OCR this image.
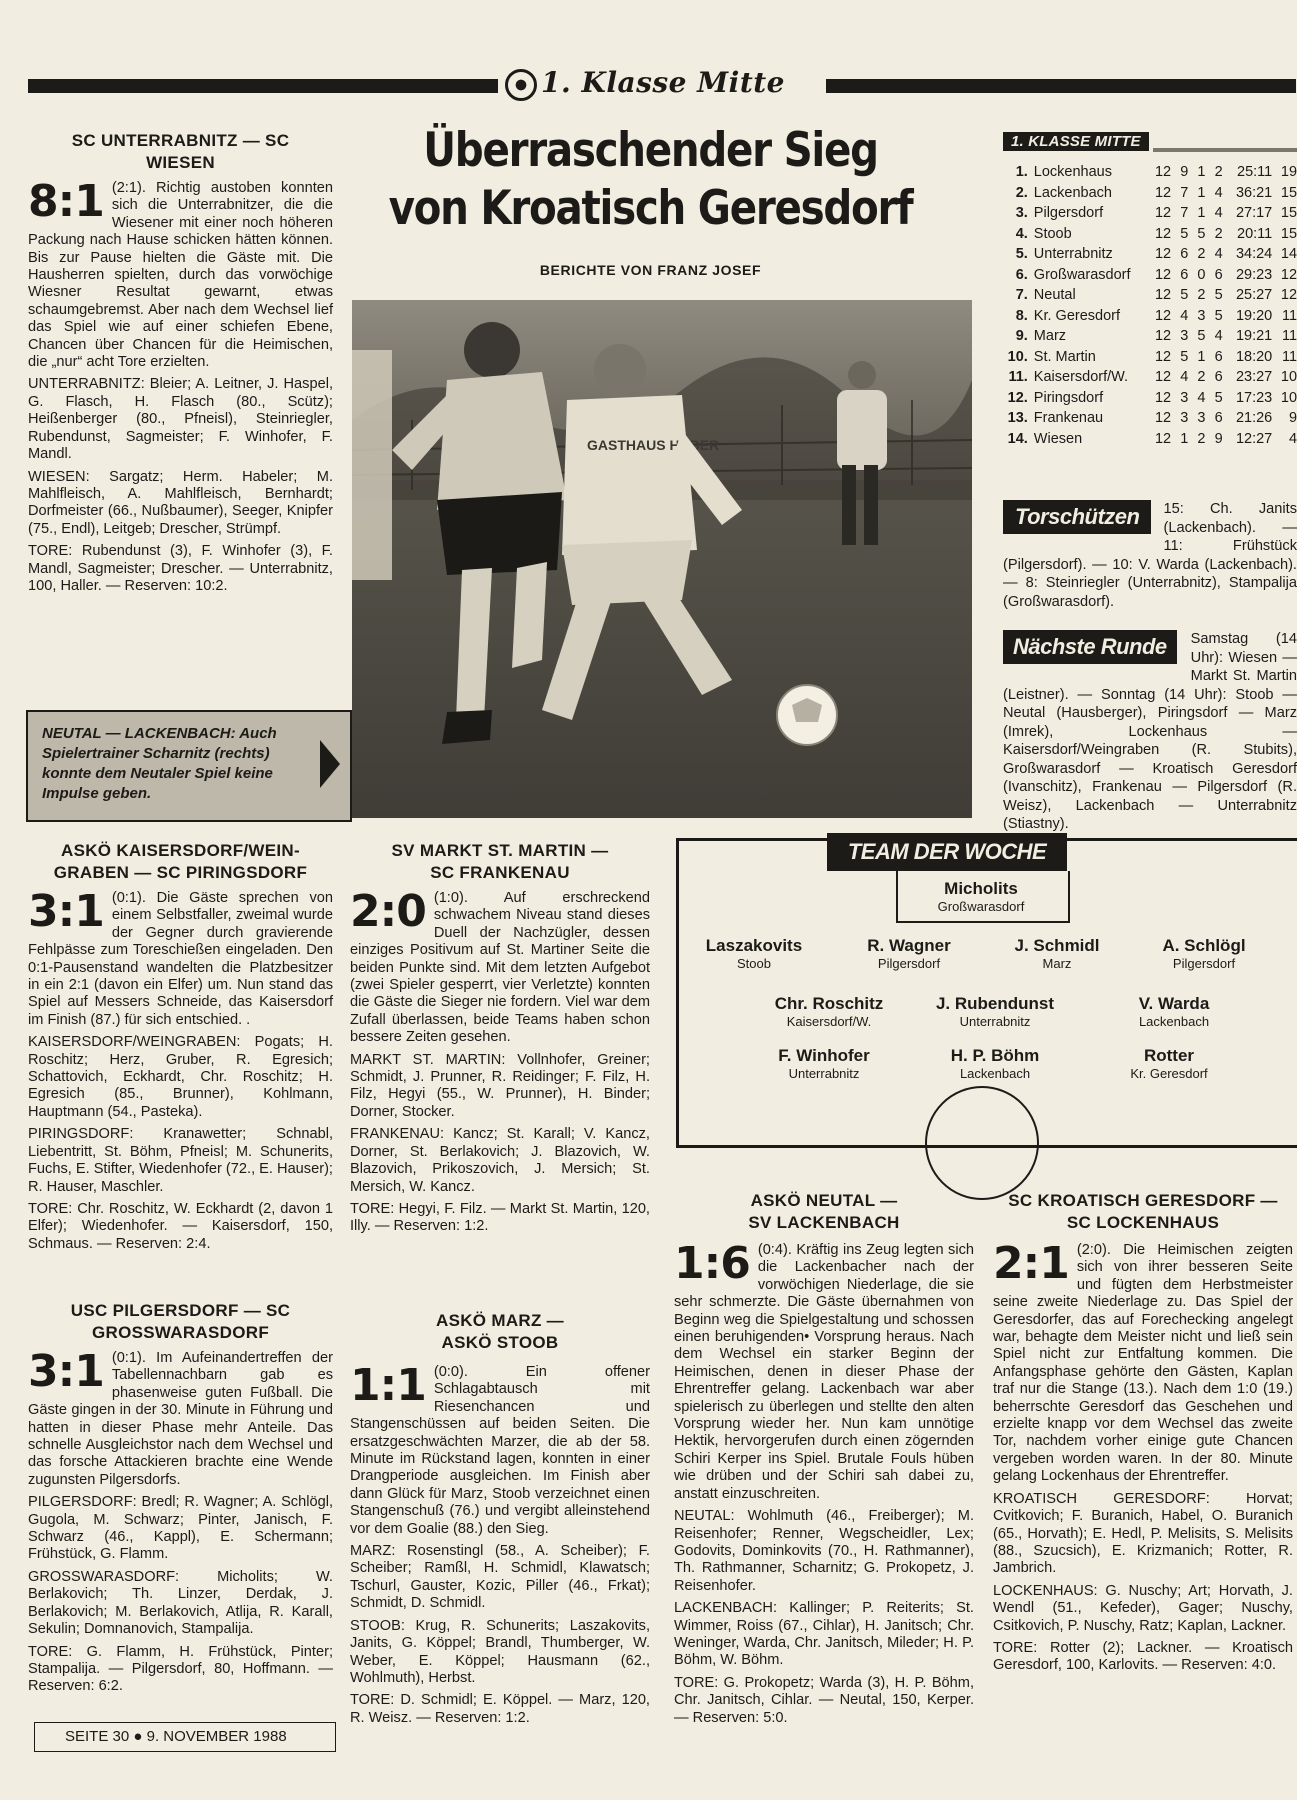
1. Klasse Mitte
SC UNTERRABNITZ — SC WIESEN

8:1 (2:1). Richtig austoben konnten sich die Unterrabnitzer, die die Wiesener mit einer noch höheren Packung nach Hause schicken hätten können. Bis zur Pause hielten die Gäste mit. Die Hausherren spielten, durch das vorwöchige Wiesner Resultat gewarnt, etwas schaumgebremst. Aber nach dem Wechsel lief das Spiel wie auf einer schiefen Ebene, Chancen über Chancen für die Heimischen, die „nur“ acht Tore erzielten.

UNTERRABNITZ: Bleier; A. Leitner, J. Haspel, G. Flasch, H. Flasch (80., Scütz); Heißenberger (80., Pfneisl), Steinriegler, Rubendunst, Sagmeister; F. Winhofer, F. Mandl.

WIESEN: Sargatz; Herm. Habeler; M. Mahlfleisch, A. Mahlfleisch, Bernhardt; Dorfmeister (66., Nußbaumer), Seeger, Knipfer (75., Endl), Leitgeb; Drescher, Strümpf.

TORE: Rubendunst (3), F. Winhofer (3), F. Mandl, Sagmeister; Drescher. — Unterrabnitz, 100, Haller. — Reserven: 10:2.

NEUTAL — LACKENBACH: Auch Spielertrainer Scharnitz (rechts) konnte dem Neutaler Spiel keine Impulse geben.
Überraschender Sieg
von Kroatisch Geresdorf
BERICHTE VON FRANZ JOSEF
GASTHAUS HUBER
1. KLASSE MITTE
1. Lockenhaus	12 9 1 2 25:11 19
2. Lackenbach	12 7 1 4 36:21 15
3. Pilgersdorf	12 7 1 4 27:17 15
4. Stoob	12 5 5 2 20:11 15
5. Unterrabnitz	12 6 2 4 34:24 14
6. Großwarasdorf	12 6 0 6 29:23 12
7. Neutal	12 5 2 5 25:27 12
8. Kr. Geresdorf	12 4 3 5 19:20 11
9. Marz	12 3 5 4 19:21 11
10. St. Martin	12 5 1 6 18:20 11
11. Kaisersdorf/W.	12 4 2 6 23:27 10
12. Piringsdorf	12 3 4 5 17:23 10
13. Frankenau	12 3 3 6 21:26	9
14. Wiesen	12 1 2 9 12:27	4
Torschützen	15: Ch. Janits (Lackenbach). — 11: Frühstück (Pilgersdorf). — 10: V. Warda (Lackenbach). — 8: Steinriegler (Unterrabnitz), Stampalija (Großwarasdorf).
Nächste Runde	Samstag (14 Uhr): Wiesen — Markt St. Martin (Leistner). — Sonntag (14 Uhr): Stoob — Neutal (Hausberger), Piringsdorf — Marz (Imrek), Lockenhaus — Kaisersdorf/Weingraben (R. Stubits), Großwarasdorf — Kroatisch Geresdorf (Ivanschitz), Frankenau — Pilgersdorf (R. Weisz), Lackenbach — Unterrabnitz (Stiastny).
ASKÖ KAISERSDORF/WEIN-GRABEN — SC PIRINGSDORF

3:1 (0:1). Die Gäste sprechen von einem Selbstfaller, zweimal wurde der Gegner durch gravierende Fehlpässe zum Toreschießen eingeladen. Den 0:1-Pausenstand wandelten die Platzbesitzer in ein 2:1 (davon ein Elfer) um. Nun stand das Spiel auf Messers Schneide, das Kaisersdorf im Finish (87.) für sich entschied. .

KAISERSDORF/WEINGRABEN: Pogats; H. Roschitz; Herz, Gruber, R. Egresich; Schattovich, Eckhardt, Chr. Roschitz; H. Egresich (85., Brunner), Kohlmann, Hauptmann (54., Pasteka).

PIRINGSDORF: Kranawetter; Schnabl, Liebentritt, St. Böhm, Pfneisl; M. Schunerits, Fuchs, E. Stifter, Wiedenhofer (72., E. Hauser); R. Hauser, Maschler.

TORE: Chr. Roschitz, W. Eckhardt (2, davon 1 Elfer); Wiedenhofer. — Kaisersdorf, 150, Schmaus. — Reserven: 2:4.

USC PILGERSDORF — SC GROSSWARASDORF

3:1 (0:1). Im Aufeinandertreffen der Tabellennachbarn gab es phasenweise guten Fußball. Die Gäste gingen in der 30. Minute in Führung und hatten in dieser Phase mehr Anteile. Das schnelle Ausgleichstor nach dem Wechsel und das forsche Attackieren brachte eine Wende zugunsten Pilgersdorfs.

PILGERSDORF: Bredl; R. Wagner; A. Schlögl, Gugola, M. Schwarz; Pinter, Janisch, F. Schwarz (46., Kappl), E. Schermann; Frühstück, G. Flamm.

GROSSWARASDORF: Micholits; W. Berlakovich; Th. Linzer, Derdak, J. Berlakovich; M. Berlakovich, Atlija, R. Karall, Sekulin; Domnanovich, Stampalija.

TORE: G. Flamm, H. Frühstück, Pinter; Stampalija. — Pilgersdorf, 80, Hoffmann. — Reserven: 6:2.

SV MARKT ST. MARTIN — SC FRANKENAU

2:0 (1:0). Auf erschreckend schwachem Niveau stand dieses Duell der Nachzügler, dessen einziges Positivum auf St. Martiner Seite die beiden Punkte sind. Mit dem letzten Aufgebot (zwei Spieler gesperrt, vier Verletzte) konnten die Gäste die Sieger nie fordern. Viel war dem Zufall überlassen, beide Teams haben schon bessere Zeiten gesehen.

MARKT ST. MARTIN: Vollnhofer, Greiner; Schmidt, J. Prunner, R. Reidinger; F. Filz, H. Filz, Hegyi (55., W. Prunner), H. Binder; Dorner, Stocker.

FRANKENAU: Kancz; St. Karall; V. Kancz, Dorner, St. Berlakovich; J. Blazovich, W. Blazovich, Prikoszovich, J. Mersich; St. Mersich, W. Kancz.

TORE: Hegyi, F. Filz. — Markt St. Martin, 120, Illy. — Reserven: 1:2.

ASKÖ MARZ — ASKÖ STOOB

1:1 (0:0). Ein offener Schlagabtausch mit Riesenchancen und Stangenschüssen auf beiden Seiten. Die ersatzgeschwächten Marzer, die ab der 58. Minute im Rückstand lagen, konnten in einer Drangperiode ausgleichen. Im Finish aber dann Glück für Marz, Stoob verzeichnet einen Stangenschuß (76.) und vergibt alleinstehend vor dem Goalie (88.) den Sieg.

MARZ: Rosenstingl (58., A. Scheiber); F. Scheiber; Ramßl, H. Schmidl, Klawatsch; Tschurl, Gauster, Kozic, Piller (46., Frkat); Schmidt, D. Schmidl.

STOOB: Krug, R. Schunerits; Laszakovits, Janits, G. Köppel; Brandl, Thumberger, W. Weber, E. Köppel; Hausmann (62., Wohlmuth), Herbst.

TORE: D. Schmidl; E. Köppel. — Marz, 120, R. Weisz. — Reserven: 1:2.

TEAM DER WOCHE
Micholits
Großwarasdorf
Laszakovits
Stoob
R. Wagner
Pilgersdorf
J. Schmidl
Marz
A. Schlögl
Pilgersdorf
Chr. Roschitz
Kaisersdorf/W.
J. Rubendunst
Unterrabnitz
V. Warda
Lackenbach
F. Winhofer
Unterrabnitz
H. P. Böhm
Lackenbach
Rotter
Kr. Geresdorf
ASKÖ NEUTAL — SV LACKENBACH

1:6 (0:4). Kräftig ins Zeug legten sich die Lackenbacher nach der vorwöchigen Niederlage, die sie sehr schmerzte. Die Gäste übernahmen von Beginn weg die Spielgestaltung und schossen einen beruhigenden• Vorsprung heraus. Nach dem Wechsel ein starker Beginn der Heimischen, denen in dieser Phase der Ehrentreffer gelang. Lackenbach war aber spielerisch zu überlegen und stellte den alten Vorsprung wieder her. Nun kam unnötige Hektik, hervorgerufen durch einen zögernden Schiri Kerper ins Spiel. Brutale Fouls hüben wie drüben und der Schiri sah dabei zu, anstatt einzuschreiten.

NEUTAL: Wohlmuth (46., Freiberger); M. Reisenhofer; Renner, Wegscheidler, Lex; Godovits, Dominkovits (70., H. Rathmanner), Th. Rathmanner, Scharnitz; G. Prokopetz, J. Reisenhofer.

LACKENBACH: Kallinger; P. Reiterits; St. Wimmer, Roiss (67., Cihlar), H. Janitsch; Chr. Weninger, Warda, Chr. Janitsch, Mileder; H. P. Böhm, W. Böhm.

TORE: G. Prokopetz; Warda (3), H. P. Böhm, Chr. Janitsch, Cihlar. — Neutal, 150, Kerper. — Reserven: 5:0.

SC KROATISCH GERESDORF — SC LOCKENHAUS

2:1 (2:0). Die Heimischen zeigten sich von ihrer besseren Seite und fügten dem Herbstmeister seine zweite Niederlage zu. Das Spiel der Geresdorfer, das auf Forechecking angelegt war, behagte dem Meister nicht und ließ sein Spiel nicht zur Entfaltung kommen. Die Anfangsphase gehörte den Gästen, Kaplan traf nur die Stange (13.). Nach dem 1:0 (19.) beherrschte Geresdorf das Geschehen und erzielte knapp vor dem Wechsel das zweite Tor, nachdem vorher einige gute Chancen vergeben worden waren. In der 80. Minute gelang Lockenhaus der Ehrentreffer.

KROATISCH GERESDORF: Horvat; Cvitkovich; F. Buranich, Habel, O. Buranich (65., Horvath); E. Hedl, P. Melisits, S. Melisits (88., Szucsich), E. Krizmanich; Rotter, R. Jambrich.

LOCKENHAUS: G. Nuschy; Art; Horvath, J. Wendl (51., Kefeder), Gager; Nuschy, Csitkovich, P. Nuschy, Ratz; Kaplan, Lackner.

TORE: Rotter (2); Lackner. — Kroatisch Geresdorf, 100, Karlovits. — Reserven: 4:0.

SEITE 30 ● 9. NOVEMBER 1988
